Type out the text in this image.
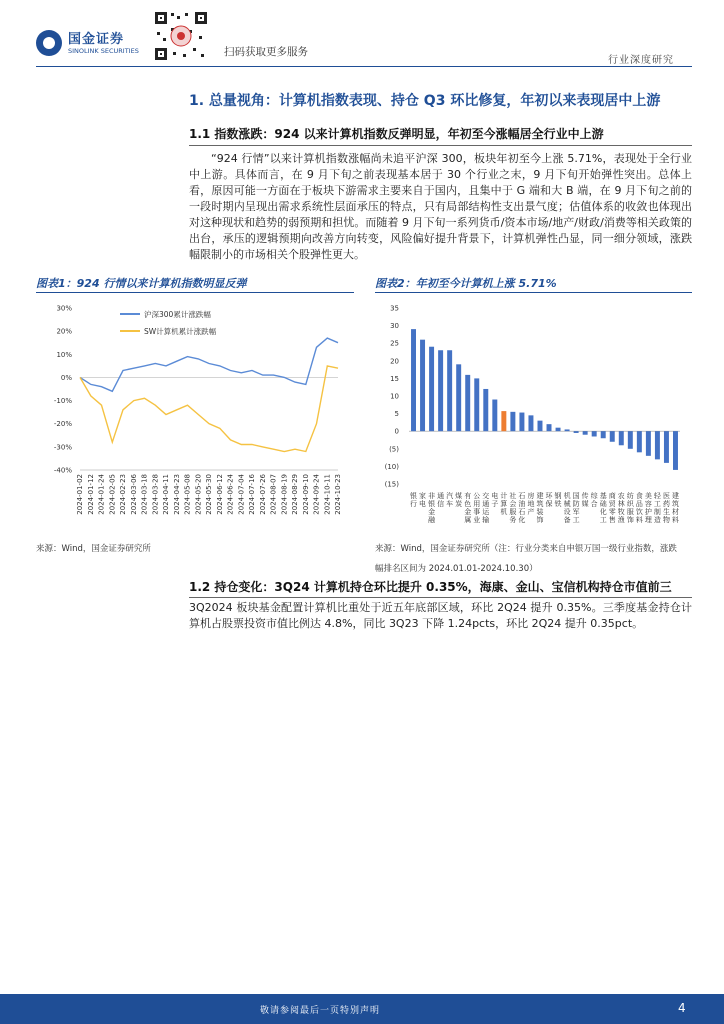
国金证券
SINOLINK SECURITIES	扫码获取更多服务
行业深度研究
1. 总量视角：计算机指数表现、持仓 Q3 环比修复，年初以来表现居中上游
1.1 指数涨跌：924 以来计算机指数反弹明显，年初至今涨幅居全行业中上游

“924 行情”以来计算机指数涨幅尚未追平沪深 300，板块年初至今上涨 5.71%，表现处于全行业中上游。具体而言，在 9 月下旬之前表现基本居于 30 个行业之末，9 月下旬开始弹性突出。总体上看，原因可能一方面在于板块下游需求主要来自于国内，且集中于 G 端和大 B 端，在 9 月下旬之前的一段时期内呈现出需求系统性层面承压的特点，只有局部结构性支出景气度；估值体系的收敛也体现出对这种现状和趋势的弱预期和担忧。而随着 9 月下旬一系列货币/资本市场/地产/财政/消费等相关政策的出台，承压的逻辑预期向改善方向转变，风险偏好提升背景下，计算机弹性凸显，同一细分领域，涨跌幅限制小的市场相关个股弹性更大。

图表1：924 行情以来计算机指数明显反弹
30%
20%
10%
0%
-10%
-20%
-30%
-40%
2024-01-02 2024-01-12 2024-01-24 2024-02-05 2024-02-23 2024-03-06 2024-03-18 2024-03-28 2024-04-11 2024-04-23 2024-05-08 2024-05-20 2024-05-30 2024-06-12 2024-06-24 2024-07-04 2024-07-16 2024-07-26 2024-08-07 2024-08-19 2024-08-29 2024-09-10 2024-09-24 2024-10-11 2024-10-23
沪深300累计涨跌幅
SW计算机累计涨跌幅
来源：Wind，国金证券研究所
图表2：年初至今计算机上涨 5.71%
35
30
25
20
15
10
5
0
(5)
(10)
(15)
银行
家电
非银金融
通信
汽车
煤炭
有色金属
公用事业
交通运输
电子
计算机
社会服务
石油石化
房地产
建筑装饰
环保
钢铁
机械设备
国防军工
传媒
综合
基础化工
商贸零售
农林牧渔
纺织服饰
食品饮料
美容护理
轻工制造
医药生物
建筑材料
来源：Wind，国金证券研究所（注：行业分类来自申银万国一级行业指数，涨跌
幅排名区间为 2024.01.01-2024.10.30）
1.2 持仓变化：3Q24 计算机持仓环比提升 0.35%，海康、金山、宝信机构持仓市值前三

3Q2024 板块基金配置计算机比重处于近五年底部区域，环比 2Q24 提升 0.35%。三季度基金持仓计算机占股票投资市值比例达 4.8%，同比 3Q23 下降 1.24pcts，环比 2Q24 提升 0.35pct。

敬请参阅最后一页特别声明	4
